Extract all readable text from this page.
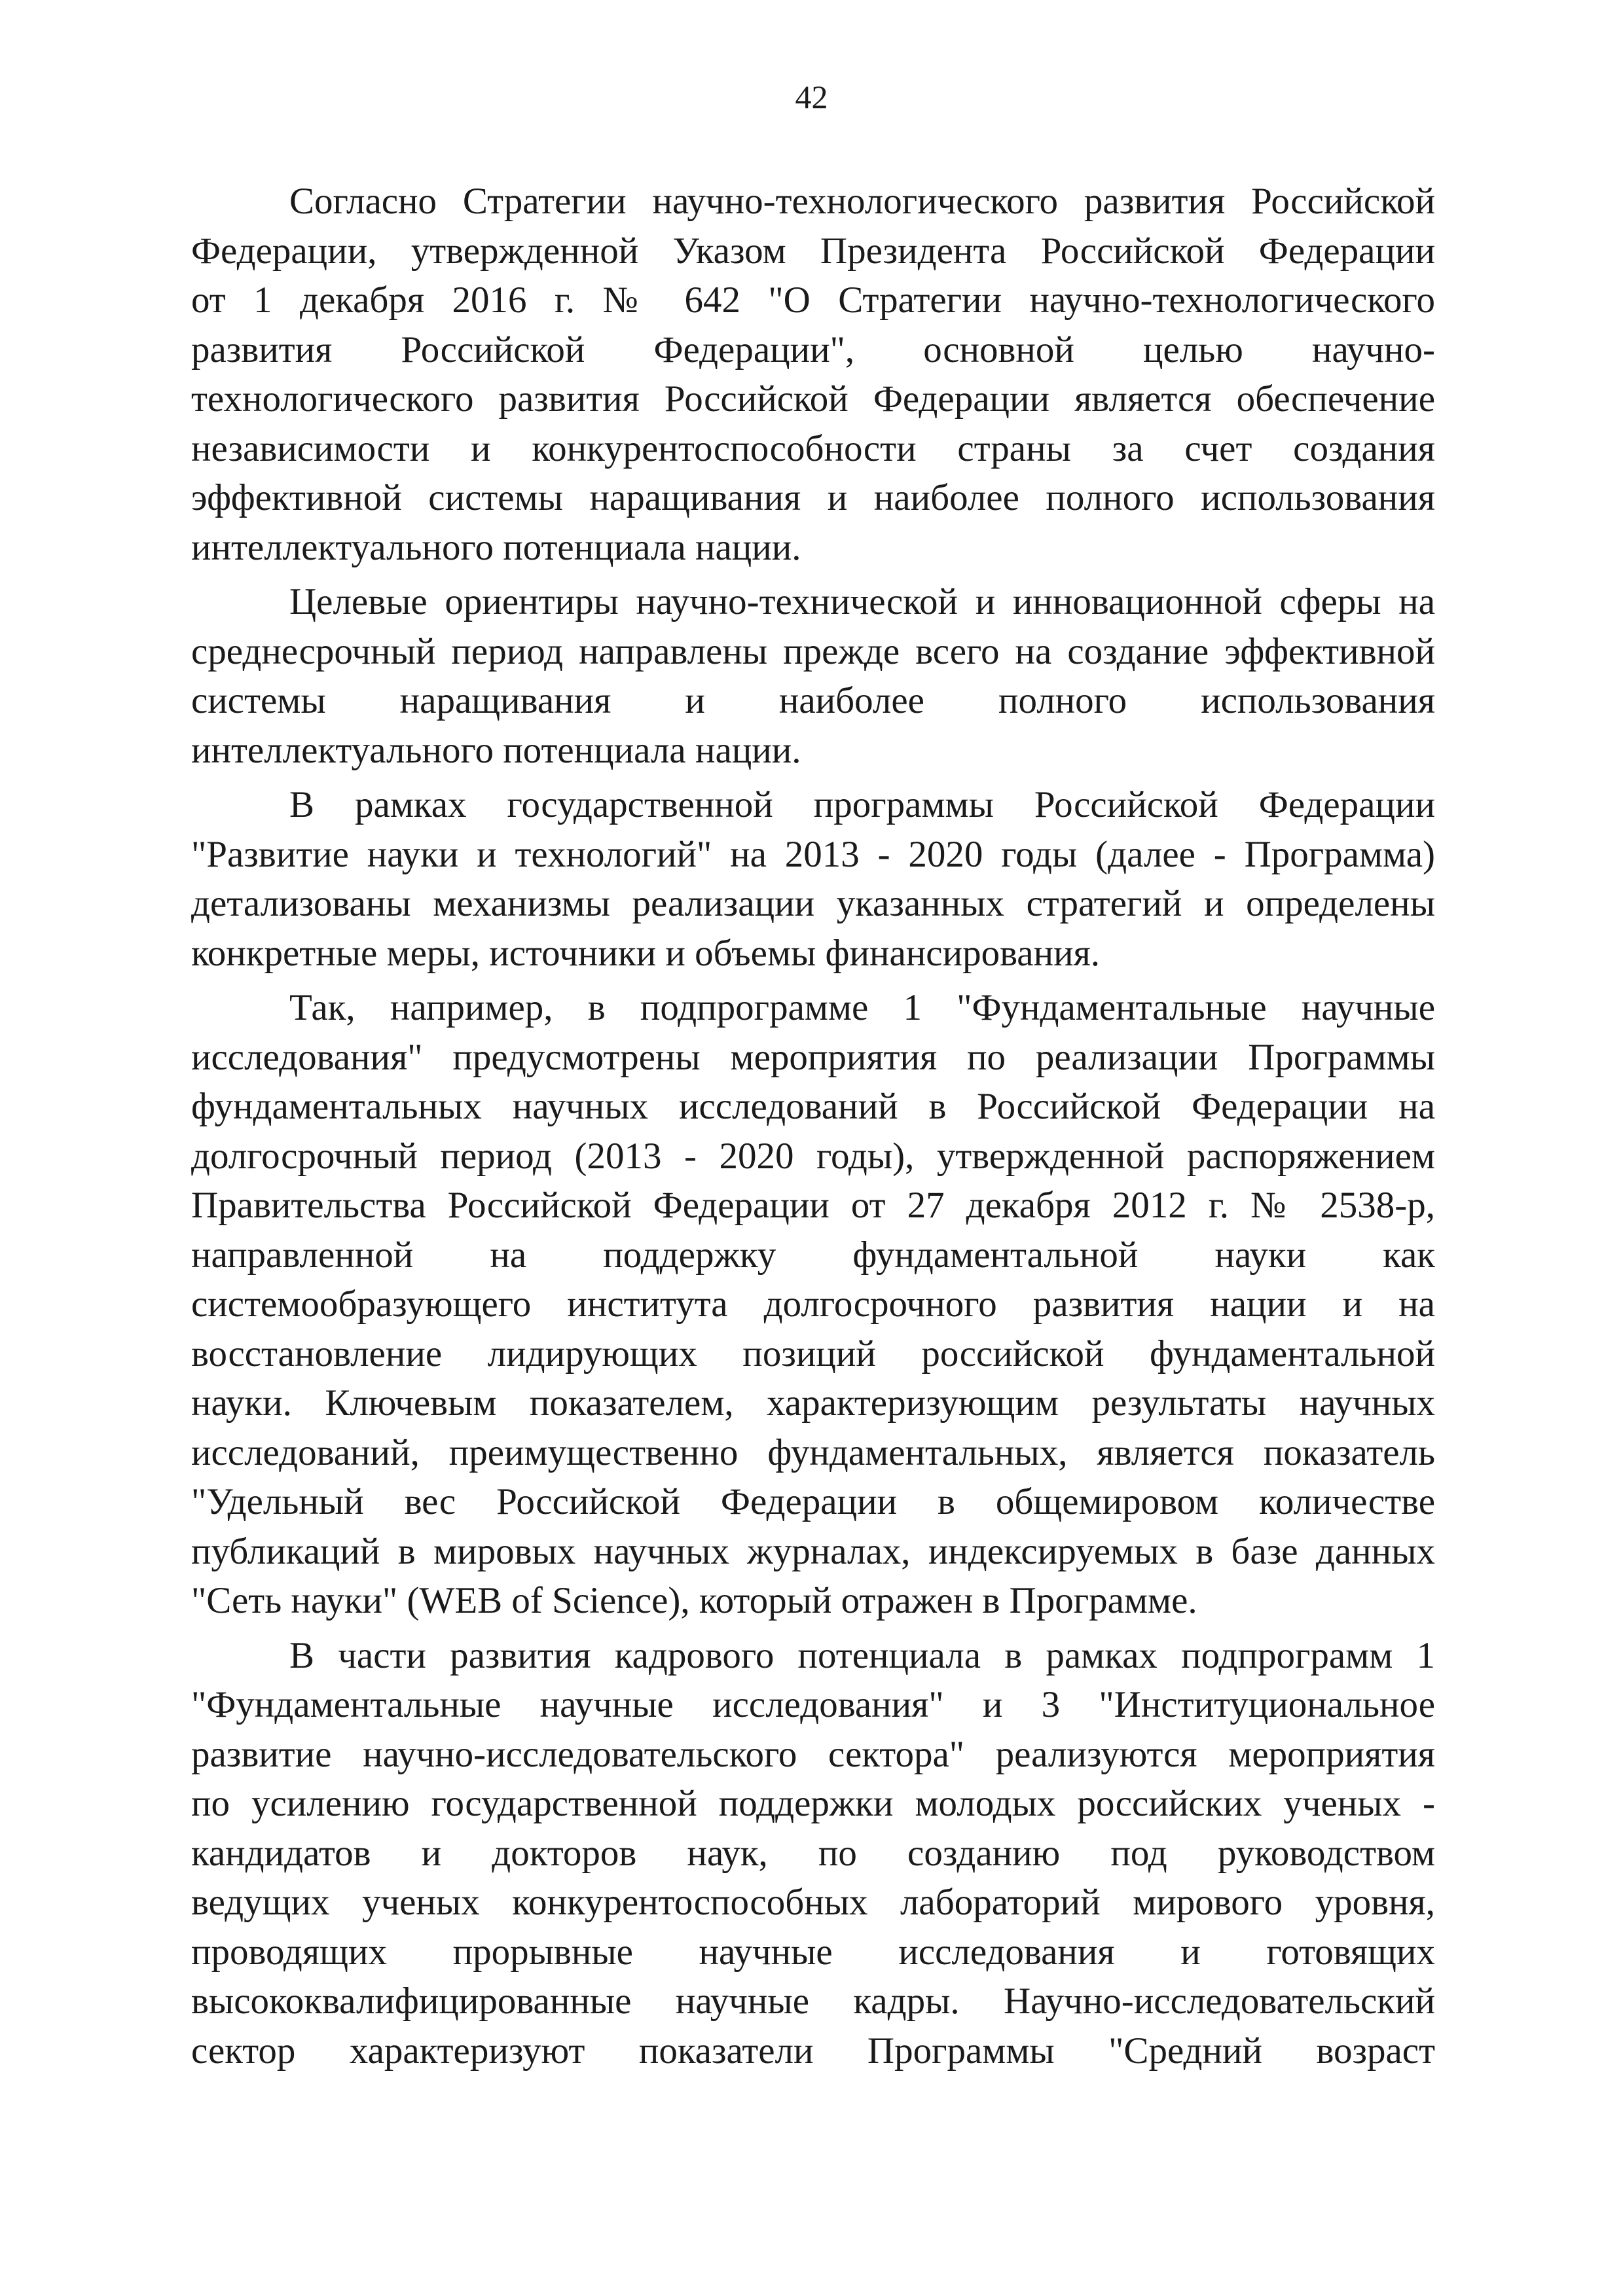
42
Согласно Стратегии научно-технологического развития Российской
Федерации, утвержденной Указом Президента Российской Федерации
от 1 декабря 2016 г. № 642 "О Стратегии научно-технологического
развития Российской Федерации", основной целью научно-
технологического развития Российской Федерации является обеспечение
независимости и конкурентоспособности страны за счет создания
эффективной системы наращивания и наиболее полного использования
интеллектуального потенциала нации.
Целевые ориентиры научно-технической и инновационной сферы на
среднесрочный период направлены прежде всего на создание эффективной
системы наращивания и наиболее полного использования
интеллектуального потенциала нации.
В рамках государственной программы Российской Федерации
"Развитие науки и технологий" на 2013 - 2020 годы (далее - Программа)
детализованы механизмы реализации указанных стратегий и определены
конкретные меры, источники и объемы финансирования.
Так, например, в подпрограмме 1 "Фундаментальные научные
исследования" предусмотрены мероприятия по реализации Программы
фундаментальных научных исследований в Российской Федерации на
долгосрочный период (2013 - 2020 годы), утвержденной распоряжением
Правительства Российской Федерации от 27 декабря 2012 г. № 2538-р,
направленной на поддержку фундаментальной науки как
системообразующего института долгосрочного развития нации и на
восстановление лидирующих позиций российской фундаментальной
науки. Ключевым показателем, характеризующим результаты научных
исследований, преимущественно фундаментальных, является показатель
"Удельный вес Российской Федерации в общемировом количестве
публикаций в мировых научных журналах, индексируемых в базе данных
"Сеть науки" (WEB of Science), который отражен в Программе.
В части развития кадрового потенциала в рамках подпрограмм 1
"Фундаментальные научные исследования" и 3 "Институциональное
развитие научно-исследовательского сектора" реализуются мероприятия
по усилению государственной поддержки молодых российских ученых -
кандидатов и докторов наук, по созданию под руководством
ведущих ученых конкурентоспособных лабораторий мирового уровня,
проводящих прорывные научные исследования и готовящих
высококвалифицированные научные кадры. Научно-исследовательский
сектор характеризуют показатели Программы "Средний возраст
